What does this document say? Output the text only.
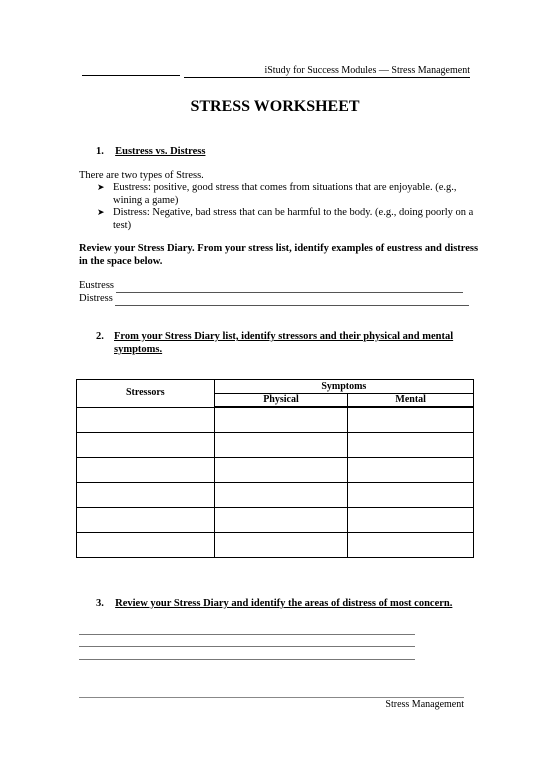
iStudy for Success Modules — Stress Management
STRESS WORKSHEET
1. Eustress vs. Distress
There are two types of Stress.
➤ Eustress: positive, good stress that comes from situations that are enjoyable. (e.g., wining a game)
➤ Distress: Negative, bad stress that can be harmful to the body. (e.g., doing poorly on a test)
Review your Stress Diary. From your stress list, identify examples of eustress and distress in the space below.
Eustress
Distress
2. From your Stress Diary list, identify stressors and their physical and mental symptoms.
Stressors	Symptoms	
	Physical	Mental

3. Review your Stress Diary and identify the areas of distress of most concern.
Stress Management
